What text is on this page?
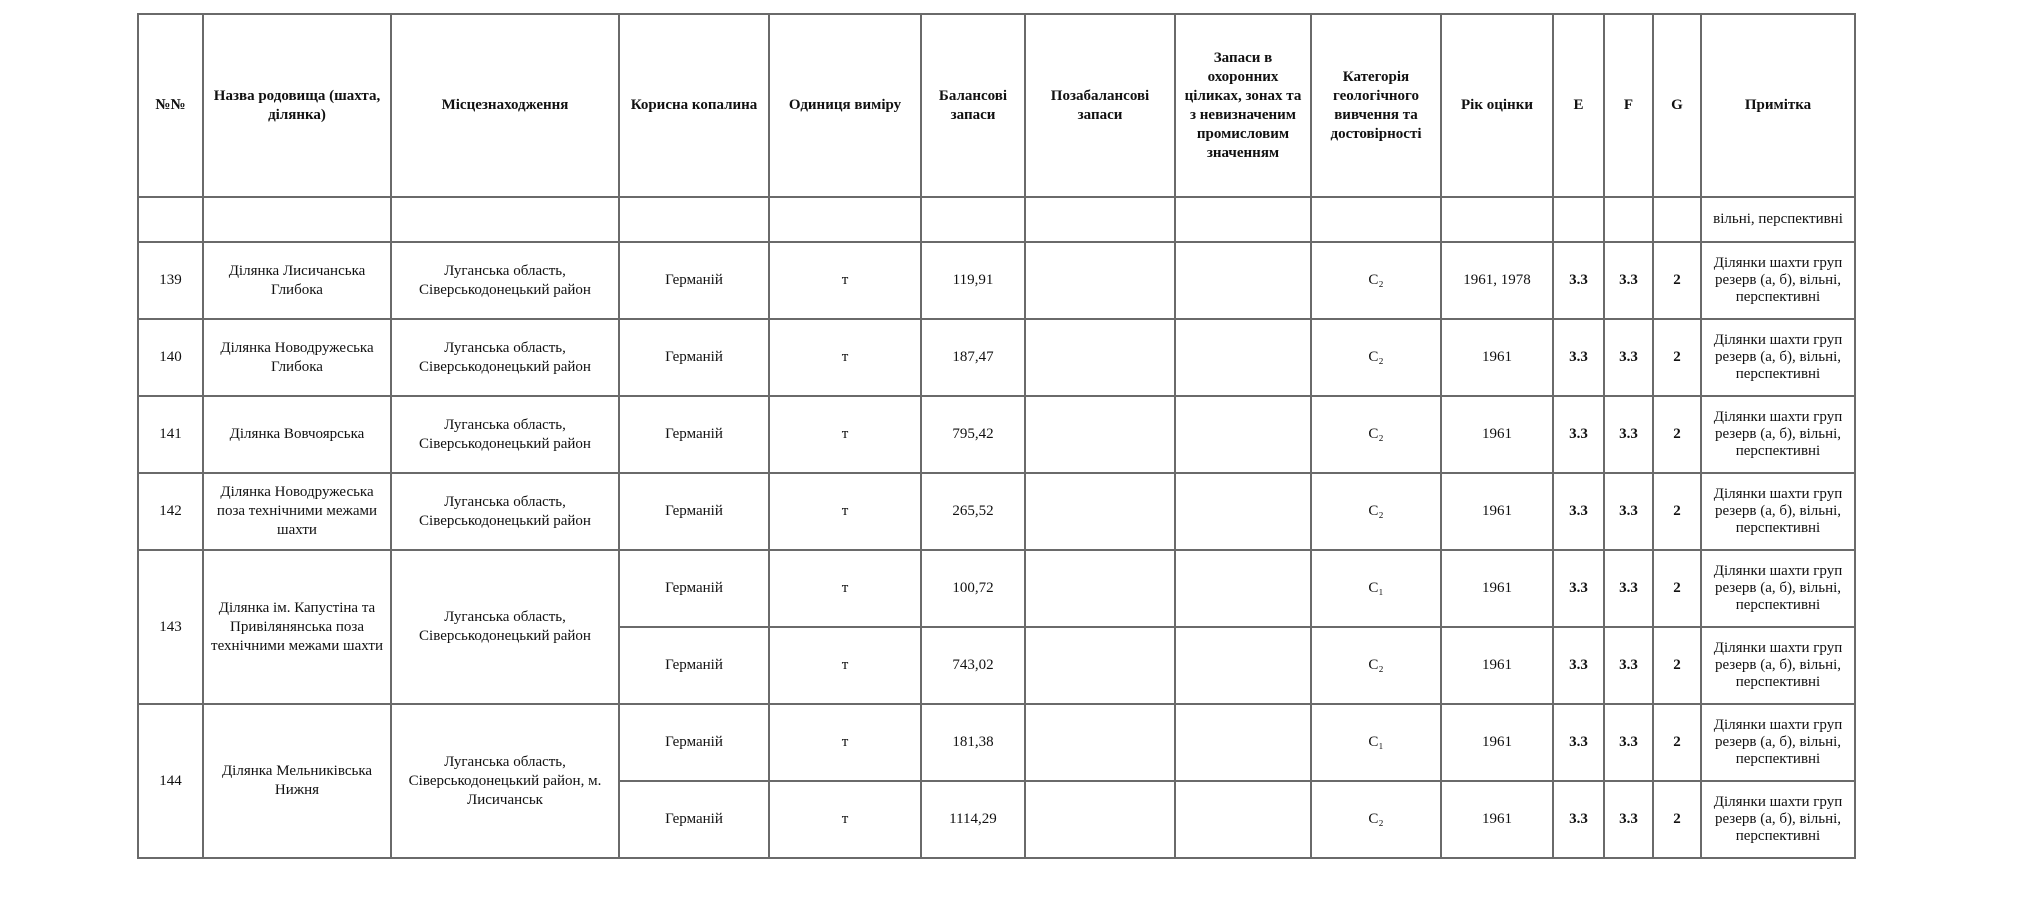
№№	Назва родовища (шахта, ділянка)	Місцезнаходження	Корисна копалина	Одиниця виміру	Балансові запаси	Позабалансові запаси	Запаси в охоронних ціликах, зонах та з невизначеним промисловим значенням	Категорія геологічного вивчення та достовірності	Рік оцінки	E	F	G	Примітка
													вільні, перспективні
139	Ділянка Лисичанська Глибока	Луганська область, Сіверськодонецький район	Германій	т	119,91			C₂	1961, 1978	3.3	3.3	2	Ділянки шахти груп резерв (а, б), вільні, перспективні
140	Ділянка Новодружеська Глибока	Луганська область, Сіверськодонецький район	Германій	т	187,47			C₂	1961	3.3	3.3	2	Ділянки шахти груп резерв (а, б), вільні, перспективні
141	Ділянка Вовчоярська	Луганська область, Сіверськодонецький район	Германій	т	795,42			C₂	1961	3.3	3.3	2	Ділянки шахти груп резерв (а, б), вільні, перспективні
142	Ділянка Новодружеська поза технічними межами шахти	Луганська область, Сіверськодонецький район	Германій	т	265,52			C₂	1961	3.3	3.3	2	Ділянки шахти груп резерв (а, б), вільні, перспективні
143	Ділянка ім. Капустіна та Привілянянська поза технічними межами шахти	Луганська область, Сіверськодонецький район	Германій	т	100,72			C₁	1961	3.3	3.3	2	Ділянки шахти груп резерв (а, б), вільні, перспективні
			Германій	т	743,02			C₂	1961	3.3	3.3	2	Ділянки шахти груп резерв (а, б), вільні, перспективні
144	Ділянка Мельниківська Нижня	Луганська область, Сіверськодонецький район, м. Лисичанськ	Германій	т	181,38			C₁	1961	3.3	3.3	2	Ділянки шахти груп резерв (а, б), вільні, перспективні
			Германій	т	1114,29			C₂	1961	3.3	3.3	2	Ділянки шахти груп резерв (а, б), вільні, перспективні
